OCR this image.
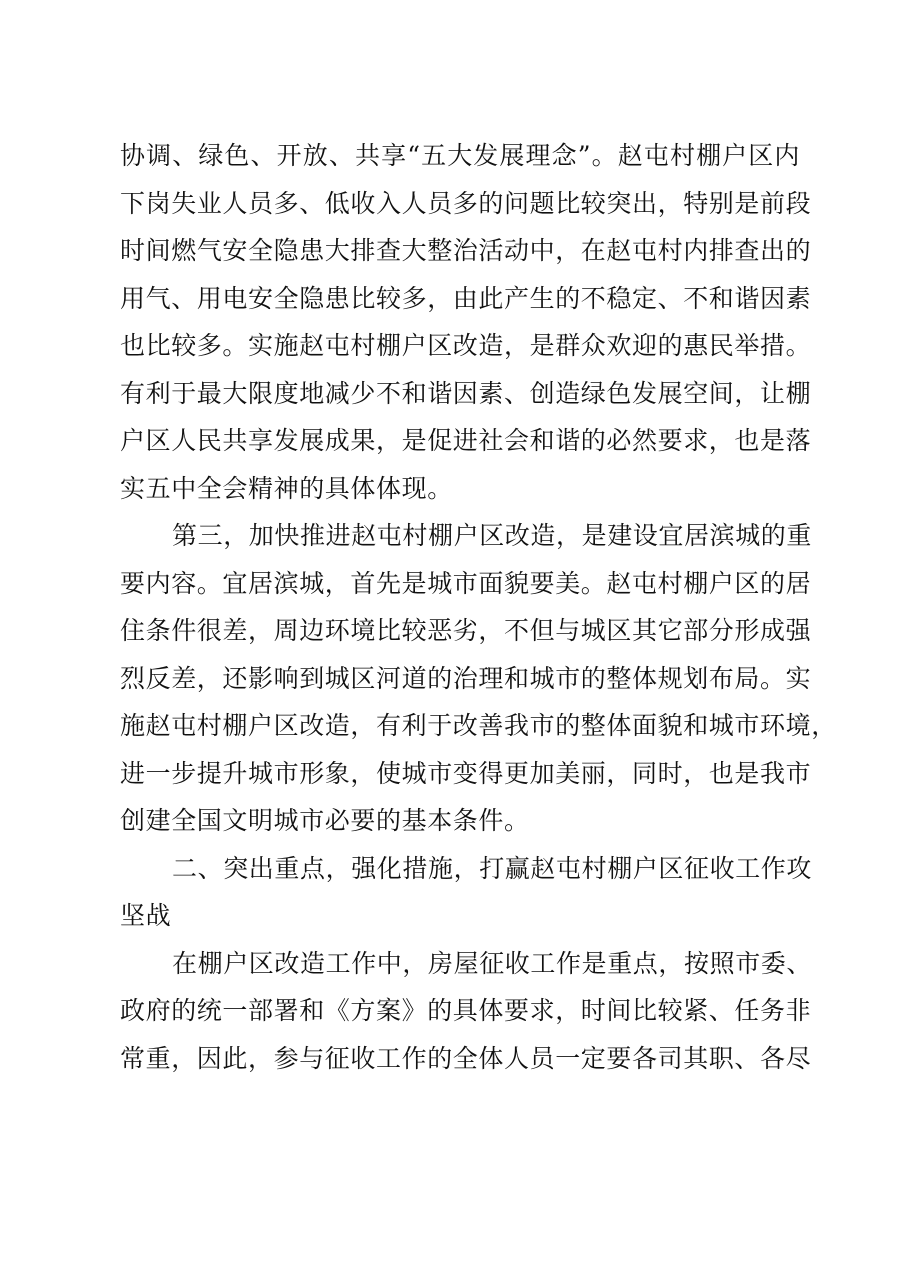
协调、绿色、开放、共享“五大发展理念”。赵屯村棚户区内
下岗失业人员多、低收入人员多的问题比较突出，特别是前段
时间燃气安全隐患大排查大整治活动中，在赵屯村内排查出的
用气、用电安全隐患比较多，由此产生的不稳定、不和谐因素
也比较多。实施赵屯村棚户区改造，是群众欢迎的惠民举措。
有利于最大限度地减少不和谐因素、创造绿色发展空间，让棚
户区人民共享发展成果，是促进社会和谐的必然要求，也是落
实五中全会精神的具体体现。
第三，加快推进赵屯村棚户区改造，是建设宜居滨城的重
要内容。宜居滨城，首先是城市面貌要美。赵屯村棚户区的居
住条件很差，周边环境比较恶劣，不但与城区其它部分形成强
烈反差，还影响到城区河道的治理和城市的整体规划布局。实
施赵屯村棚户区改造，有利于改善我市的整体面貌和城市环境，
进一步提升城市形象，使城市变得更加美丽，同时，也是我市
创建全国文明城市必要的基本条件。
二、突出重点，强化措施，打赢赵屯村棚户区征收工作攻
坚战
在棚户区改造工作中，房屋征收工作是重点，按照市委、
政府的统一部署和《方案》的具体要求，时间比较紧、任务非
常重，因此，参与征收工作的全体人员一定要各司其职、各尽
